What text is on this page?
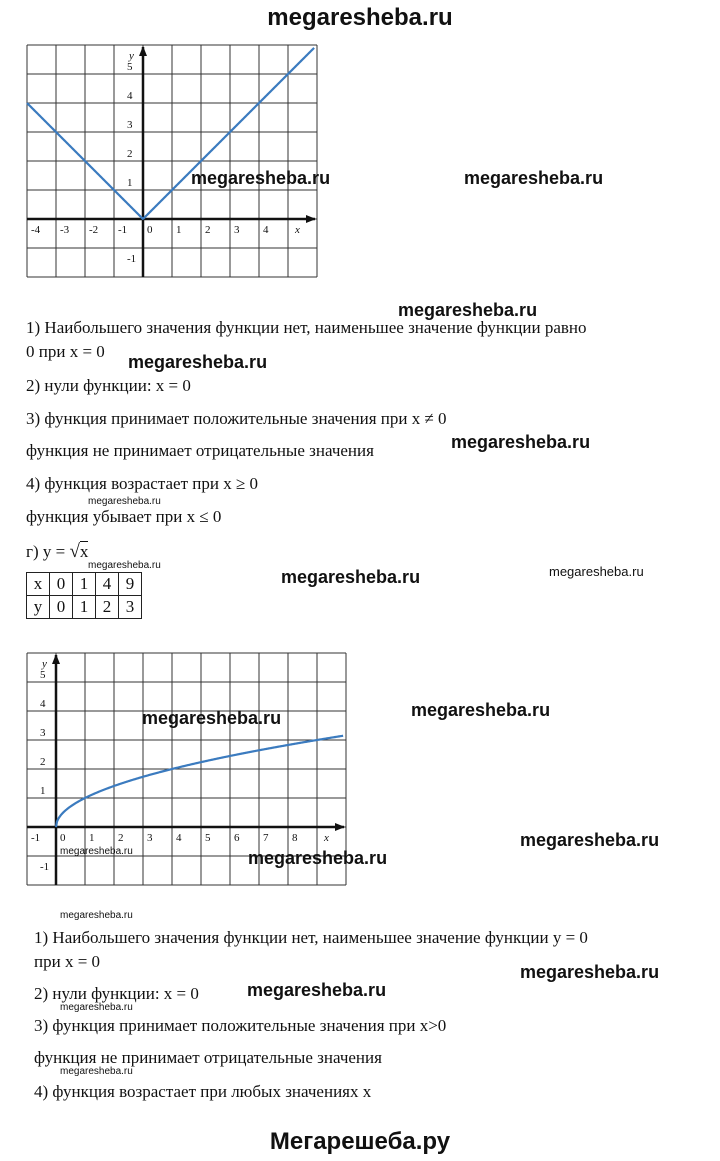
megaresheba.ru
-4 -3 -2 -1 0 1 2 3 4
-1
1
2
3
4
5
x
y
1) Наибольшего значения функции нет, наименьшее значение функции равно
0 при x = 0
2) нули функции: x = 0
3) функция принимает положительные значения при x ≠ 0
функция не принимает отрицательные значения
4) функция возрастает при x ≥ 0
функция убывает при x ≤ 0
г) y = √x
x	0	1	4	9
y	0	1	2	3
-1 0 1 2 3 4 5 6 7 8
-1
1
2
3
4
5
x
y
1) Наибольшего значения функции нет, наименьшее значение функции y = 0
при x = 0
2) нули функции: x = 0
3) функция принимает положительные значения при x>0
функция не принимает отрицательные значения
4) функция возрастает при любых значениях x
Мегарешеба.ру
megaresheba.ru	megaresheba.ru
megaresheba.ru
megaresheba.ru
megaresheba.ru
megaresheba.ru
megaresheba.ru
megaresheba.ru	megaresheba.ru
megaresheba.ru
megaresheba.ru
megaresheba.ru
megaresheba.ru	megaresheba.ru
megaresheba.ru
megaresheba.ru
megaresheba.ru
megaresheba.ru
megaresheba.ru
